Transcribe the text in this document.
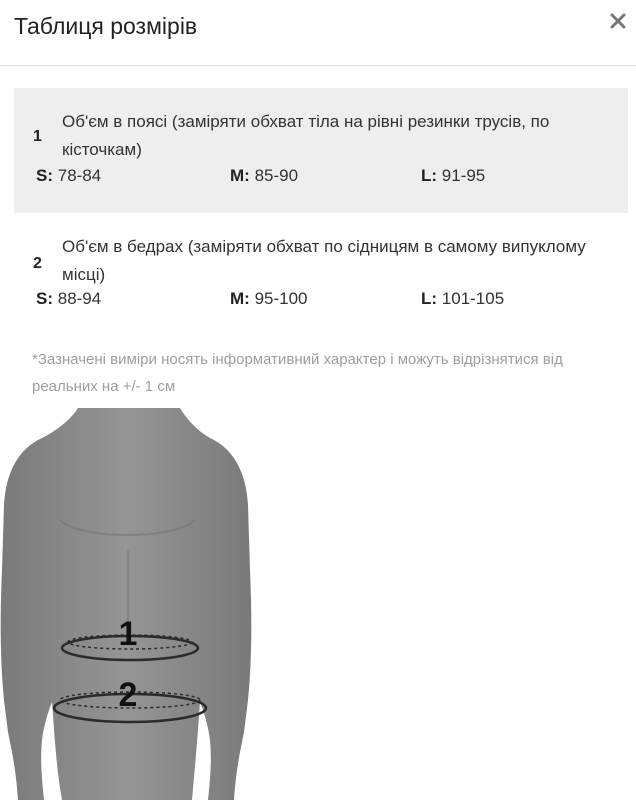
Таблиця розмірів
1
Об'єм в поясі (заміряти обхват тіла на рівні резинки трусів, по кісточкам)
S: 78-84	M: 85-90	L: 91-95
2
Об'єм в бедрах (заміряти обхват по сідницям в самому випуклому місці)
S: 88-94	M: 95-100	L: 101-105
*Зазначені виміри носять інформативний характер і можуть відрізнятися від реальних на +/- 1 см
1
2
